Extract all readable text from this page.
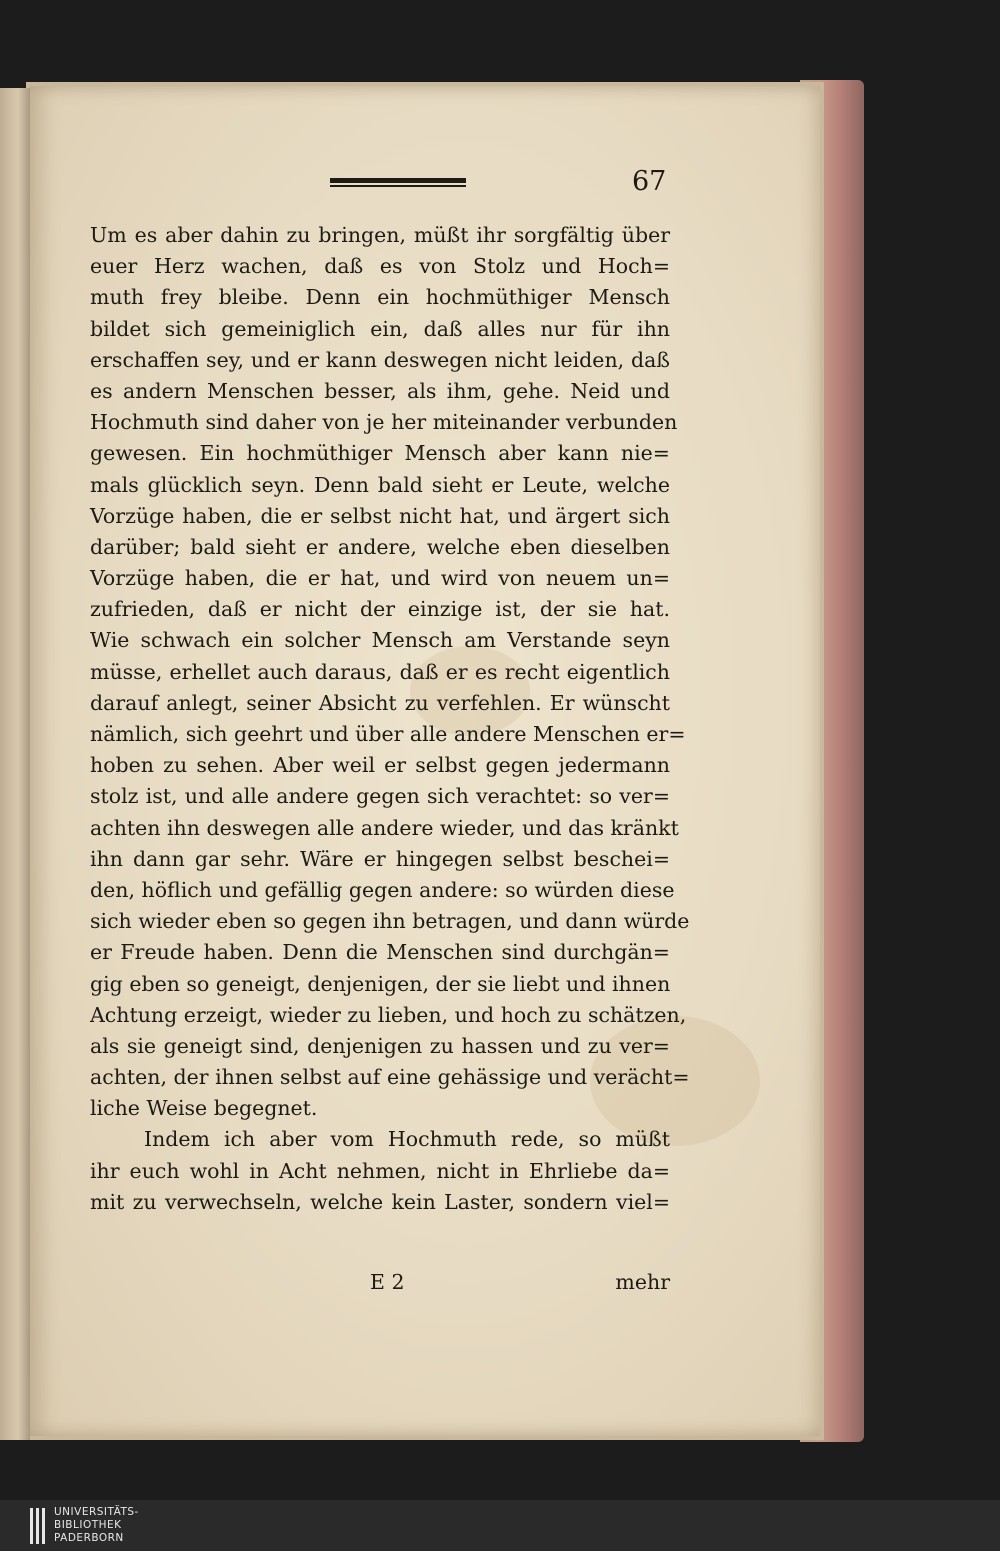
67
Um es aber dahin zu bringen, müßt ihr sorgfältig über
euer Herz wachen, daß es von Stolz und Hoch=
muth frey bleibe. Denn ein hochmüthiger Mensch
bildet sich gemeiniglich ein, daß alles nur für ihn
erschaffen sey, und er kann deswegen nicht leiden, daß
es andern Menschen besser, als ihm, gehe. Neid und
Hochmuth sind daher von je her miteinander verbunden
gewesen. Ein hochmüthiger Mensch aber kann nie=
mals glücklich seyn. Denn bald sieht er Leute, welche
Vorzüge haben, die er selbst nicht hat, und ärgert sich
darüber; bald sieht er andere, welche eben dieselben
Vorzüge haben, die er hat, und wird von neuem un=
zufrieden, daß er nicht der einzige ist, der sie hat.
Wie schwach ein solcher Mensch am Verstande seyn
müsse, erhellet auch daraus, daß er es recht eigentlich
darauf anlegt, seiner Absicht zu verfehlen. Er wünscht
nämlich, sich geehrt und über alle andere Menschen er=
hoben zu sehen. Aber weil er selbst gegen jedermann
stolz ist, und alle andere gegen sich verachtet: so ver=
achten ihn deswegen alle andere wieder, und das kränkt
ihn dann gar sehr. Wäre er hingegen selbst beschei=
den, höflich und gefällig gegen andere: so würden diese
sich wieder eben so gegen ihn betragen, und dann würde
er Freude haben. Denn die Menschen sind durchgän=
gig eben so geneigt, denjenigen, der sie liebt und ihnen
Achtung erzeigt, wieder zu lieben, und hoch zu schätzen,
als sie geneigt sind, denjenigen zu hassen und zu ver=
achten, der ihnen selbst auf eine gehässige und verächt=
liche Weise begegnet.
Indem ich aber vom Hochmuth rede, so müßt
ihr euch wohl in Acht nehmen, nicht in Ehrliebe da=
mit zu verwechseln, welche kein Laster, sondern viel=
E 2	mehr
UNIVERSITÄTS-
BIBLIOTHEK
PADERBORN
